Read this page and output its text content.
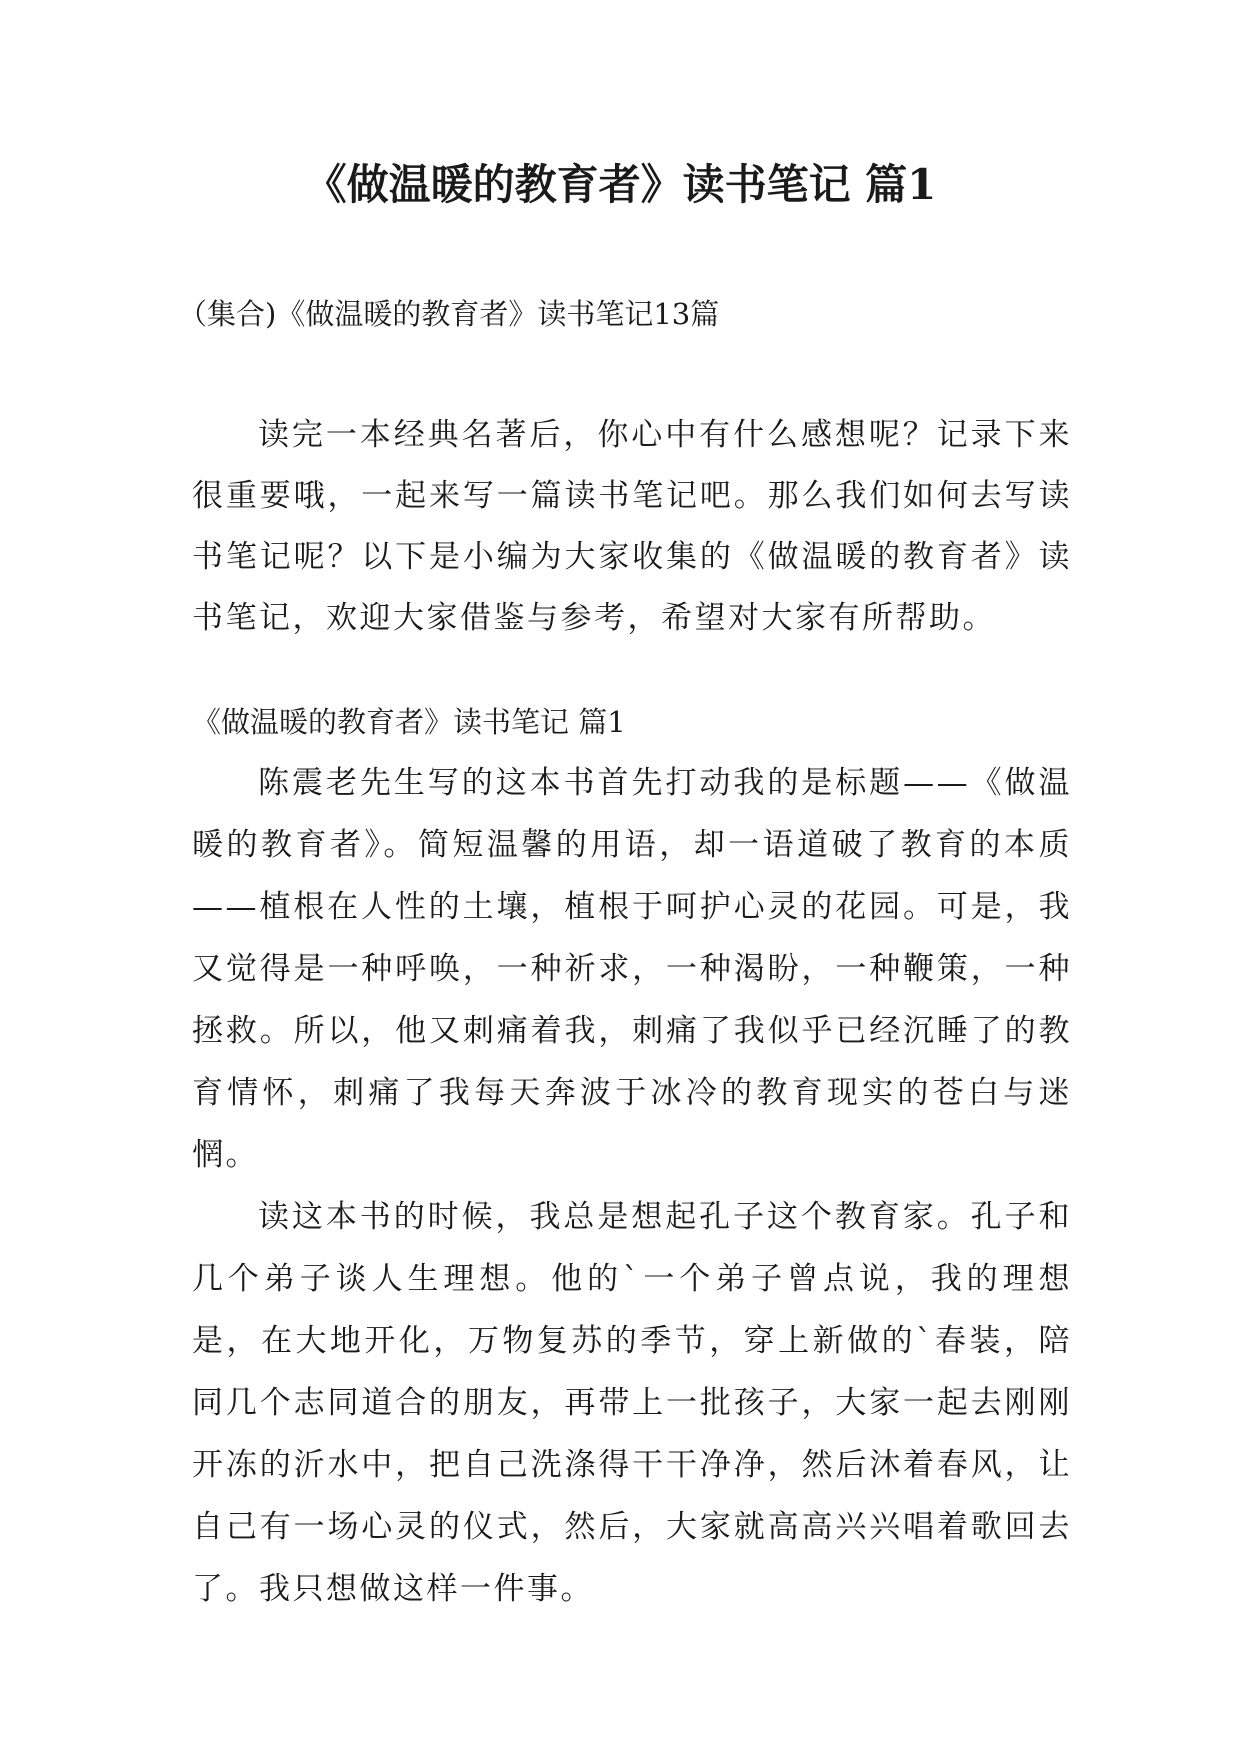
《做温暖的教育者》读书笔记 篇1
（集合)《做温暖的教育者》读书笔记13篇

读完一本经典名著后，你心中有什么感想呢？记录下来很重要哦，一起来写一篇读书笔记吧。那么我们如何去写读书笔记呢？以下是小编为大家收集的《做温暖的教育者》读书笔记，欢迎大家借鉴与参考，希望对大家有所帮助。

《做温暖的教育者》读书笔记 篇1

陈震老先生写的这本书首先打动我的是标题——《做温暖的教育者》。简短温馨的用语，却一语道破了教育的本质——植根在人性的土壤，植根于呵护心灵的花园。可是，我又觉得是一种呼唤，一种祈求，一种渴盼，一种鞭策，一种拯救。所以，他又刺痛着我，刺痛了我似乎已经沉睡了的教育情怀，刺痛了我每天奔波于冰冷的教育现实的苍白与迷惘。

读这本书的时候，我总是想起孔子这个教育家。孔子和几个弟子谈人生理想。他的`一个弟子曾点说，我的理想是，在大地开化，万物复苏的季节，穿上新做的`春装，陪同几个志同道合的朋友，再带上一批孩子，大家一起去刚刚开冻的沂水中，把自己洗涤得干干净净，然后沐着春风，让自己有一场心灵的仪式，然后，大家就高高兴兴唱着歌回去了。我只想做这样一件事。
